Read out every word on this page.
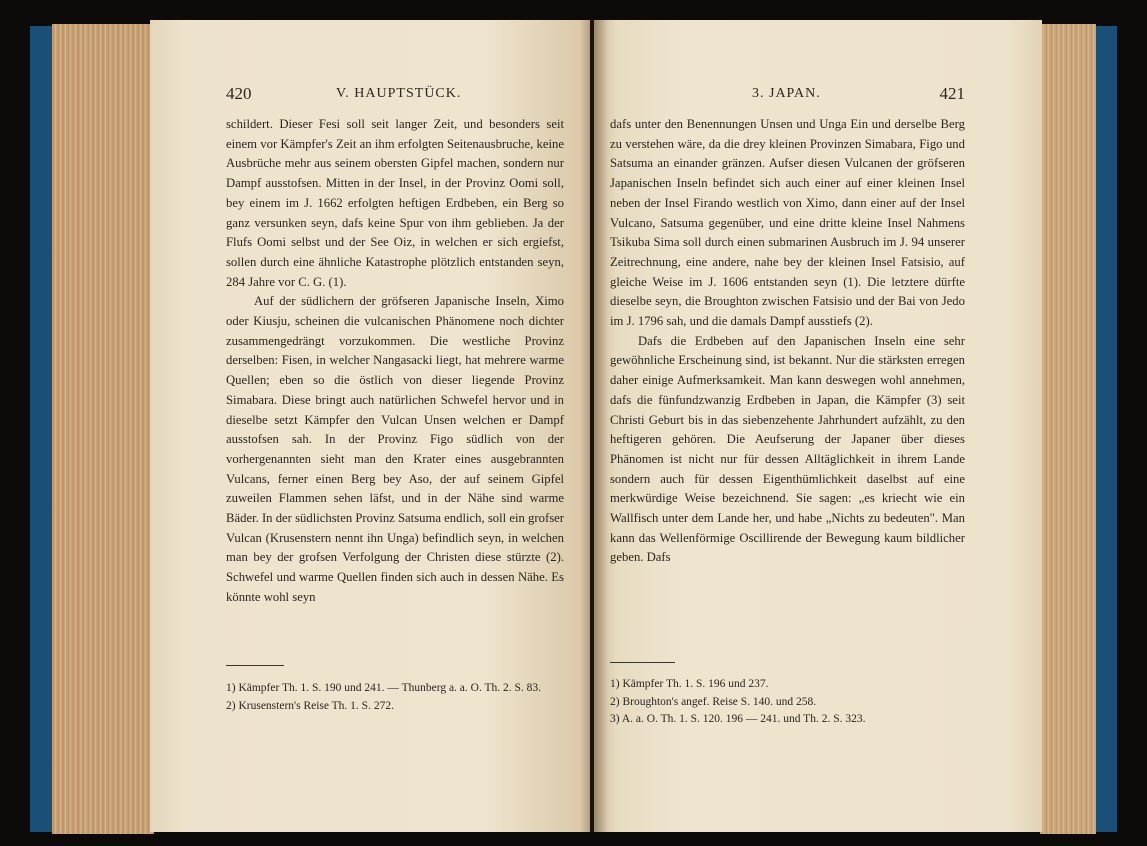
420	V. HAUPTSTÜCK.	3. JAPAN.	421

schildert. Dieser Fesi soll seit langer Zeit, und besonders seit einem vor Kämpfer's Zeit an ihm erfolgten Seitenausbruche, keine Ausbrüche mehr aus seinem obersten Gipfel machen, sondern nur Dampf ausstofsen. Mitten in der Insel, in der Provinz Oomi soll, bey einem im J. 1662 erfolgten heftigen Erdbeben, ein Berg so ganz versunken seyn, dafs keine Spur von ihm geblieben. Ja der Flufs Oomi selbst und der See Oiz, in welchen er sich ergiefst, sollen durch eine ähnliche Katastrophe plötzlich entstanden seyn, 284 Jahre vor C. G. (1).

Auf der südlichern der gröfseren Japanische Inseln, Ximo oder Kiusju, scheinen die vulcanischen Phänomene noch dichter zusammengedrängt vorzukommen. Die westliche Provinz derselben: Fisen, in welcher Nangasacki liegt, hat mehrere warme Quellen; eben so die östlich von dieser liegende Provinz Simabara. Diese bringt auch natürlichen Schwefel hervor und in dieselbe setzt Kämpfer den Vulcan Unsen welchen er Dampf ausstofsen sah. In der Provinz Figo südlich von der vorhergenannten sieht man den Krater eines ausgebrannten Vulcans, ferner einen Berg bey Aso, der auf seinem Gipfel zuweilen Flammen sehen läfst, und in der Nähe sind warme Bäder. In der südlichsten Provinz Satsuma endlich, soll ein grofser Vulcan (Krusenstern nennt ihn Unga) befindlich seyn, in welchen man bey der grofsen Verfolgung der Christen diese stürzte (2). Schwefel und warme Quellen finden sich auch in dessen Nähe. Es könnte wohl seyn

dafs unter den Benennungen Unsen und Unga Ein und derselbe Berg zu verstehen wäre, da die drey kleinen Provinzen Simabara, Figo und Satsuma an einander gränzen. Aufser diesen Vulcanen der gröfseren Japanischen Inseln befindet sich auch einer auf einer kleinen Insel neben der Insel Firando westlich von Ximo, dann einer auf der Insel Vulcano, Satsuma gegenüber, und eine dritte kleine Insel Nahmens Tsikuba Sima soll durch einen submarinen Ausbruch im J. 94 unserer Zeitrechnung, eine andere, nahe bey der kleinen Insel Fatsisio, auf gleiche Weise im J. 1606 entstanden seyn (1). Die letztere dürfte dieselbe seyn, die Broughton zwischen Fatsisio und der Bai von Jedo im J. 1796 sah, und die damals Dampf ausstiefs (2).

Dafs die Erdbeben auf den Japanischen Inseln eine sehr gewöhnliche Erscheinung sind, ist bekannt. Nur die stärksten erregen daher einige Aufmerksamkeit. Man kann deswegen wohl annehmen, dafs die fünfundzwanzig Erdbeben in Japan, die Kämpfer (3) seit Christi Geburt bis in das siebenzehente Jahrhundert aufzählt, zu den heftigeren gehören. Die Aeufserung der Japaner über dieses Phänomen ist nicht nur für dessen Alltäglichkeit in ihrem Lande sondern auch für dessen Eigenthümlichkeit daselbst auf eine merkwürdige Weise bezeichnend. Sie sagen: „es kriecht wie ein Wallfisch unter dem Lande her, und habe „Nichts zu bedeuten". Man kann das Wellenförmige Oscillirende der Bewegung kaum bildlicher geben. Dafs

1) Kämpfer Th. 1. S. 190 und 241. — Thunberg a. a. O. Th. 2. S. 83.

2) Krusenstern's Reise Th. 1. S. 272.

1) Kämpfer Th. 1. S. 196 und 237.

2) Broughton's angef. Reise S. 140. und 258.

3) A. a. O. Th. 1. S. 120. 196 — 241. und Th. 2. S. 323.
